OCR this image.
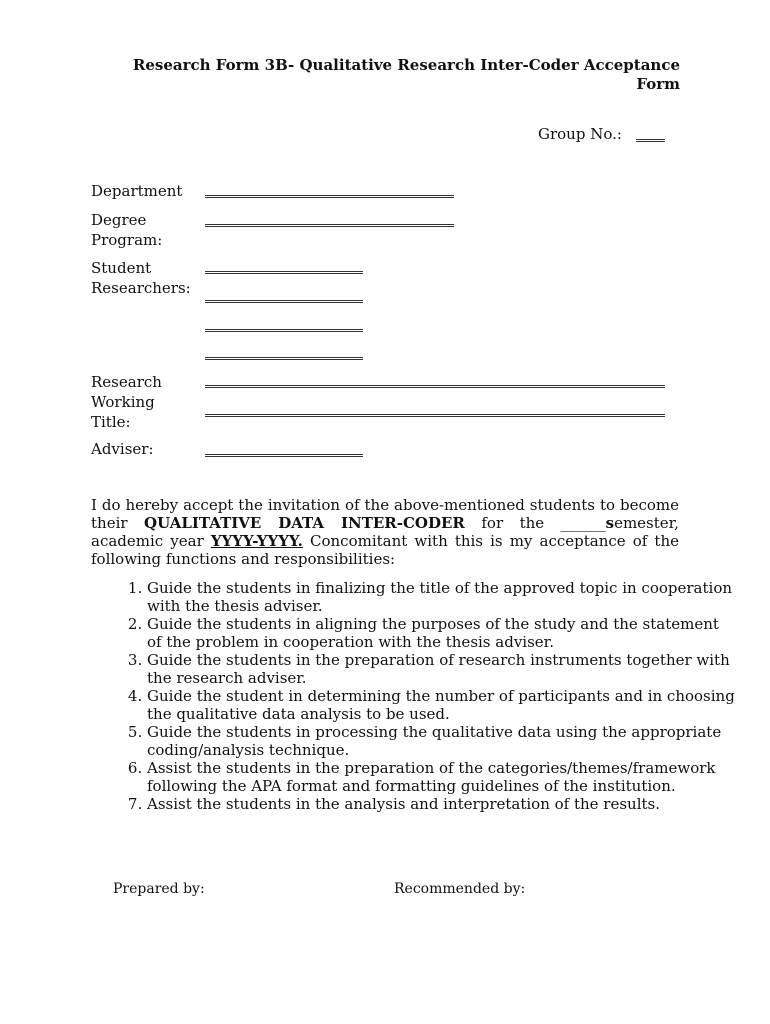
Research Form 3B- Qualitative Research Inter-Coder Acceptance Form
Group No.:
Department
Degree Program:
Student Researchers:
Research Working Title:
Adviser:
I do hereby accept the invitation of the above-mentioned students to become their QUALITATIVE DATA INTER-CODER for the ______semester, academic year YYYY-YYYY. Concomitant with this is my acceptance of the following functions and responsibilities:
1. Guide the students in finalizing the title of the approved topic in cooperation with the thesis adviser.
2. Guide the students in aligning the purposes of the study and the statement of the problem in cooperation with the thesis adviser.
3. Guide the students in the preparation of research instruments together with the research adviser.
4. Guide the student in determining the number of participants and in choosing the qualitative data analysis to be used.
5. Guide the students in processing the qualitative data using the appropriate coding/analysis technique.
6. Assist the students in the preparation of the categories/themes/framework following the APA format and formatting guidelines of the institution.
7. Assist the students in the analysis and interpretation of the results.
Prepared by:	Recommended by:
